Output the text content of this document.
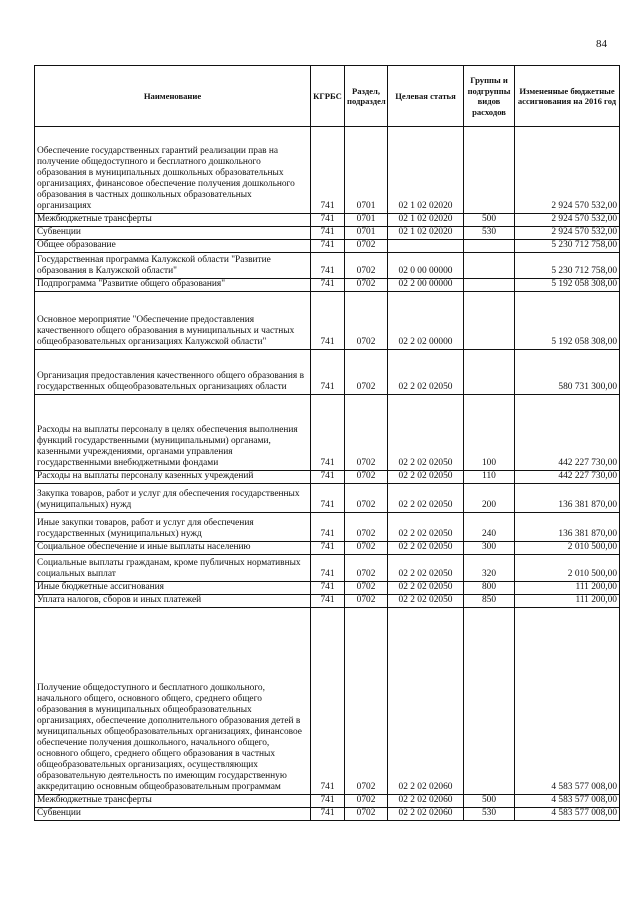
84
Наименование	КГРБС	Раздел, подраздел	Целевая статья	Группы и подгруппы видов расходов	Измененные бюджетные ассигнования на 2016 год
Обеспечение государственных гарантий реализации прав на получение общедоступного и бесплатного дошкольного образования в муниципальных дошкольных образовательных организациях, финансовое обеспечение получения дошкольного образования в частных дошкольных образовательных организациях	741	0701	02 1 02 02020		2 924 570 532,00
Межбюджетные трансферты	741	0701	02 1 02 02020	500	2 924 570 532,00
Субвенции	741	0701	02 1 02 02020	530	2 924 570 532,00
Общее образование	741	0702			5 230 712 758,00
Государственная программа Калужской области "Развитие образования в Калужской области"	741	0702	02 0 00 00000		5 230 712 758,00
Подпрограмма "Развитие общего образования"	741	0702	02 2 00 00000		5 192 058 308,00
Основное мероприятие "Обеспечение предоставления качественного общего образования в муниципальных и частных общеобразовательных организациях Калужской области"	741	0702	02 2 02 00000		5 192 058 308,00
Организация предоставления качественного общего образования в государственных общеобразовательных организациях области	741	0702	02 2 02 02050		580 731 300,00
Расходы на выплаты персоналу в целях обеспечения выполнения функций государственными (муниципальными) органами, казенными учреждениями, органами управления государственными внебюджетными фондами	741	0702	02 2 02 02050	100	442 227 730,00
Расходы на выплаты персоналу казенных учреждений	741	0702	02 2 02 02050	110	442 227 730,00
Закупка товаров, работ и услуг для обеспечения государственных (муниципальных) нужд	741	0702	02 2 02 02050	200	136 381 870,00
Иные закупки товаров, работ и услуг для обеспечения государственных (муниципальных) нужд	741	0702	02 2 02 02050	240	136 381 870,00
Социальное обеспечение и иные выплаты населению	741	0702	02 2 02 02050	300	2 010 500,00
Социальные выплаты гражданам, кроме публичных нормативных социальных выплат	741	0702	02 2 02 02050	320	2 010 500,00
Иные бюджетные ассигнования	741	0702	02 2 02 02050	800	111 200,00
Уплата налогов, сборов и иных платежей	741	0702	02 2 02 02050	850	111 200,00
Получение общедоступного и бесплатного дошкольного, начального общего, основного общего, среднего общего образования в муниципальных общеобразовательных организациях, обеспечение дополнительного образования детей в муниципальных общеобразовательных организациях, финансовое обеспечение получения дошкольного, начального общего, основного общего, среднего общего образования в частных общеобразовательных организациях, осуществляющих образовательную деятельность по имеющим государственную аккредитацию основным общеобразовательным программам	741	0702	02 2 02 02060		4 583 577 008,00
Межбюджетные трансферты	741	0702	02 2 02 02060	500	4 583 577 008,00
Субвенции	741	0702	02 2 02 02060	530	4 583 577 008,00
